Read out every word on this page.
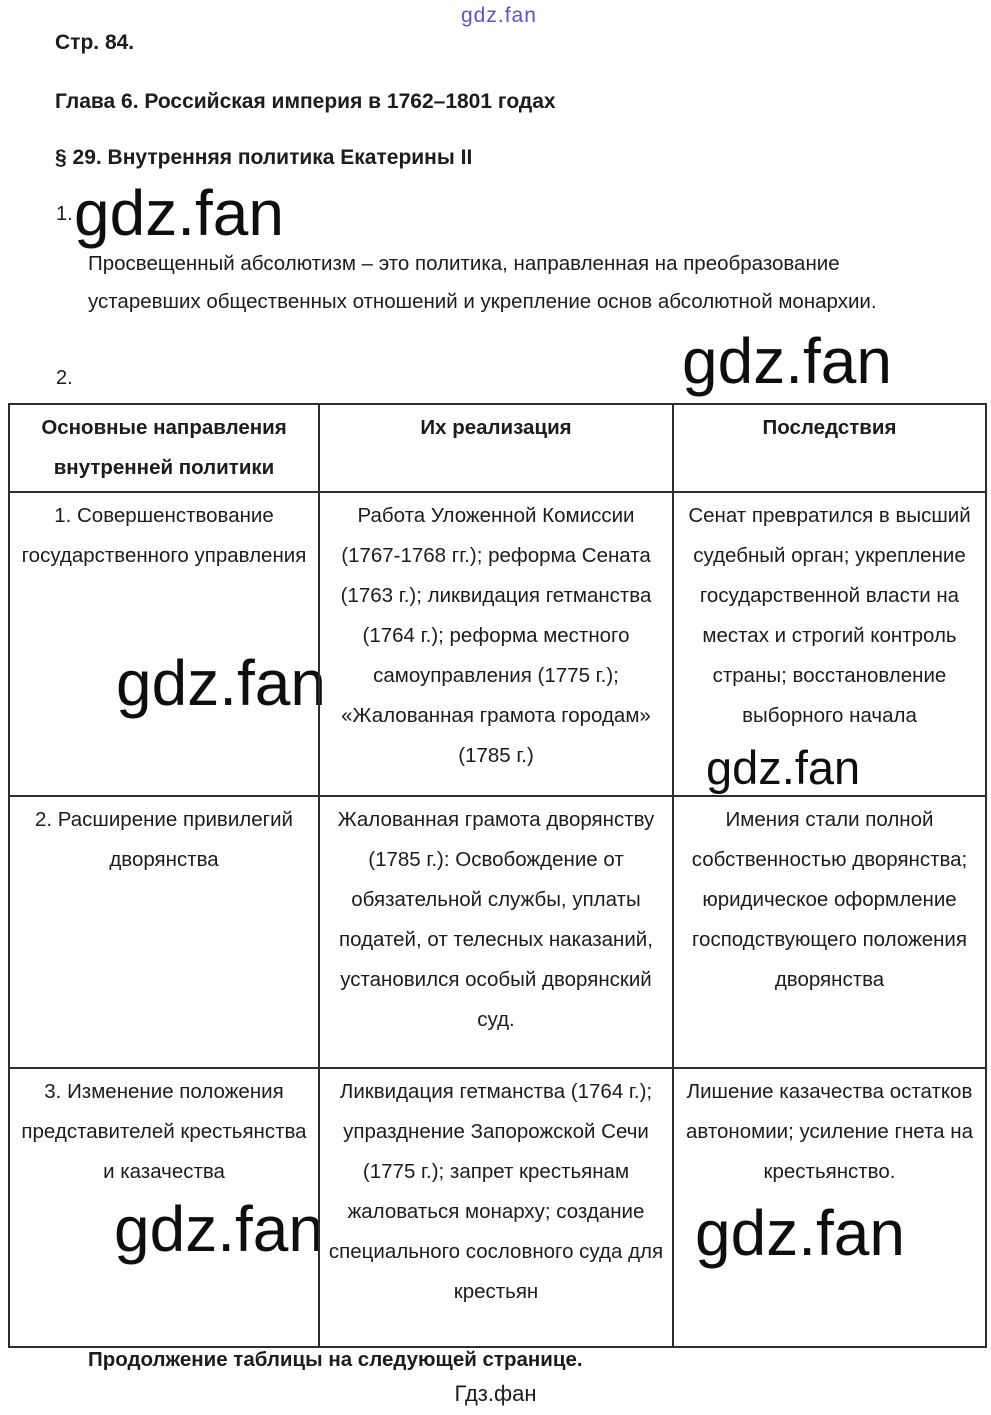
gdz.fan
gdz.fan
gdz.fan
gdz.fan
gdz.fan
gdz.fan	gdz.fan
Стр. 84.
Глава 6. Российская империя в 1762–1801 годах
§ 29. Внутренняя политика Екатерины II
1.
Просвещенный абсолютизм – это политика, направленная на преобразование устаревших общественных отношений и укрепление основ абсолютной монархии.
2.
Основные направления внутренней политики	Их реализация	Последствия
1. Совершенствование государственного управления	Работа Уложенной Комиссии (1767-1768 гг.); реформа Сената (1763 г.); ликвидация гетманства (1764 г.); реформа местного самоуправления (1775 г.); «Жалованная грамота городам» (1785 г.)	Сенат превратился в высший судебный орган; укрепление государственной власти на местах и строгий контроль страны; восстановление выборного начала
2. Расширение привилегий дворянства	Жалованная грамота дворянству (1785 г.): Освобождение от обязательной службы, уплаты податей, от телесных наказаний, установился особый дворянский суд.	Имения стали полной собственностью дворянства; юридическое оформление господствующего положения дворянства
3. Изменение положения представителей крестьянства и казачества	Ликвидация гетманства (1764 г.); упразднение Запорожской Сечи (1775 г.); запрет крестьянам жаловаться монарху; создание специального сословного суда для крестьян	Лишение казачества остатков автономии; усиление гнета на крестьянство.
Продолжение таблицы на следующей странице.
Гдз.фан
